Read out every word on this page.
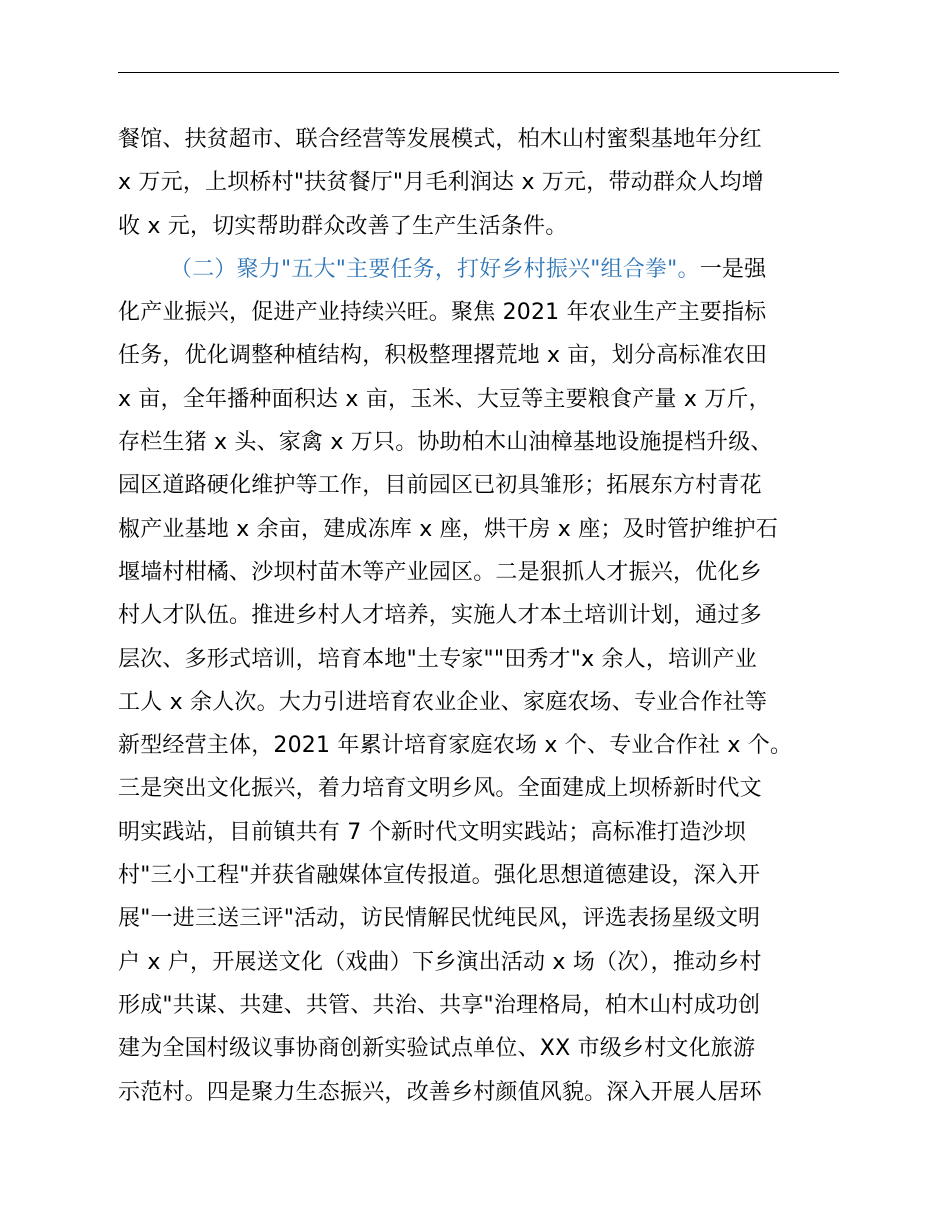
餐馆、扶贫超市、联合经营等发展模式，柏木山村蜜梨基地年分红
x 万元，上坝桥村"扶贫餐厅"月毛利润达 x 万元，带动群众人均增
收 x 元，切实帮助群众改善了生产生活条件。
（二）聚力"五大"主要任务，打好乡村振兴"组合拳"。一是强
化产业振兴，促进产业持续兴旺。聚焦 2021 年农业生产主要指标
任务，优化调整种植结构，积极整理撂荒地 x 亩，划分高标准农田
x 亩，全年播种面积达 x 亩，玉米、大豆等主要粮食产量 x 万斤，
存栏生猪 x 头、家禽 x 万只。协助柏木山油樟基地设施提档升级、
园区道路硬化维护等工作，目前园区已初具雏形；拓展东方村青花
椒产业基地 x 余亩，建成冻库 x 座，烘干房 x 座；及时管护维护石
堰墙村柑橘、沙坝村苗木等产业园区。二是狠抓人才振兴，优化乡
村人才队伍。推进乡村人才培养，实施人才本土培训计划，通过多
层次、多形式培训，培育本地"土专家""田秀才"x 余人，培训产业
工人 x 余人次。大力引进培育农业企业、家庭农场、专业合作社等
新型经营主体，2021 年累计培育家庭农场 x 个、专业合作社 x 个。
三是突出文化振兴，着力培育文明乡风。全面建成上坝桥新时代文
明实践站，目前镇共有 7 个新时代文明实践站；高标准打造沙坝
村"三小工程"并获省融媒体宣传报道。强化思想道德建设，深入开
展"一进三送三评"活动，访民情解民忧纯民风，评选表扬星级文明
户 x 户，开展送文化（戏曲）下乡演出活动 x 场（次），推动乡村
形成"共谋、共建、共管、共治、共享"治理格局，柏木山村成功创
建为全国村级议事协商创新实验试点单位、XX 市级乡村文化旅游
示范村。四是聚力生态振兴，改善乡村颜值风貌。深入开展人居环
